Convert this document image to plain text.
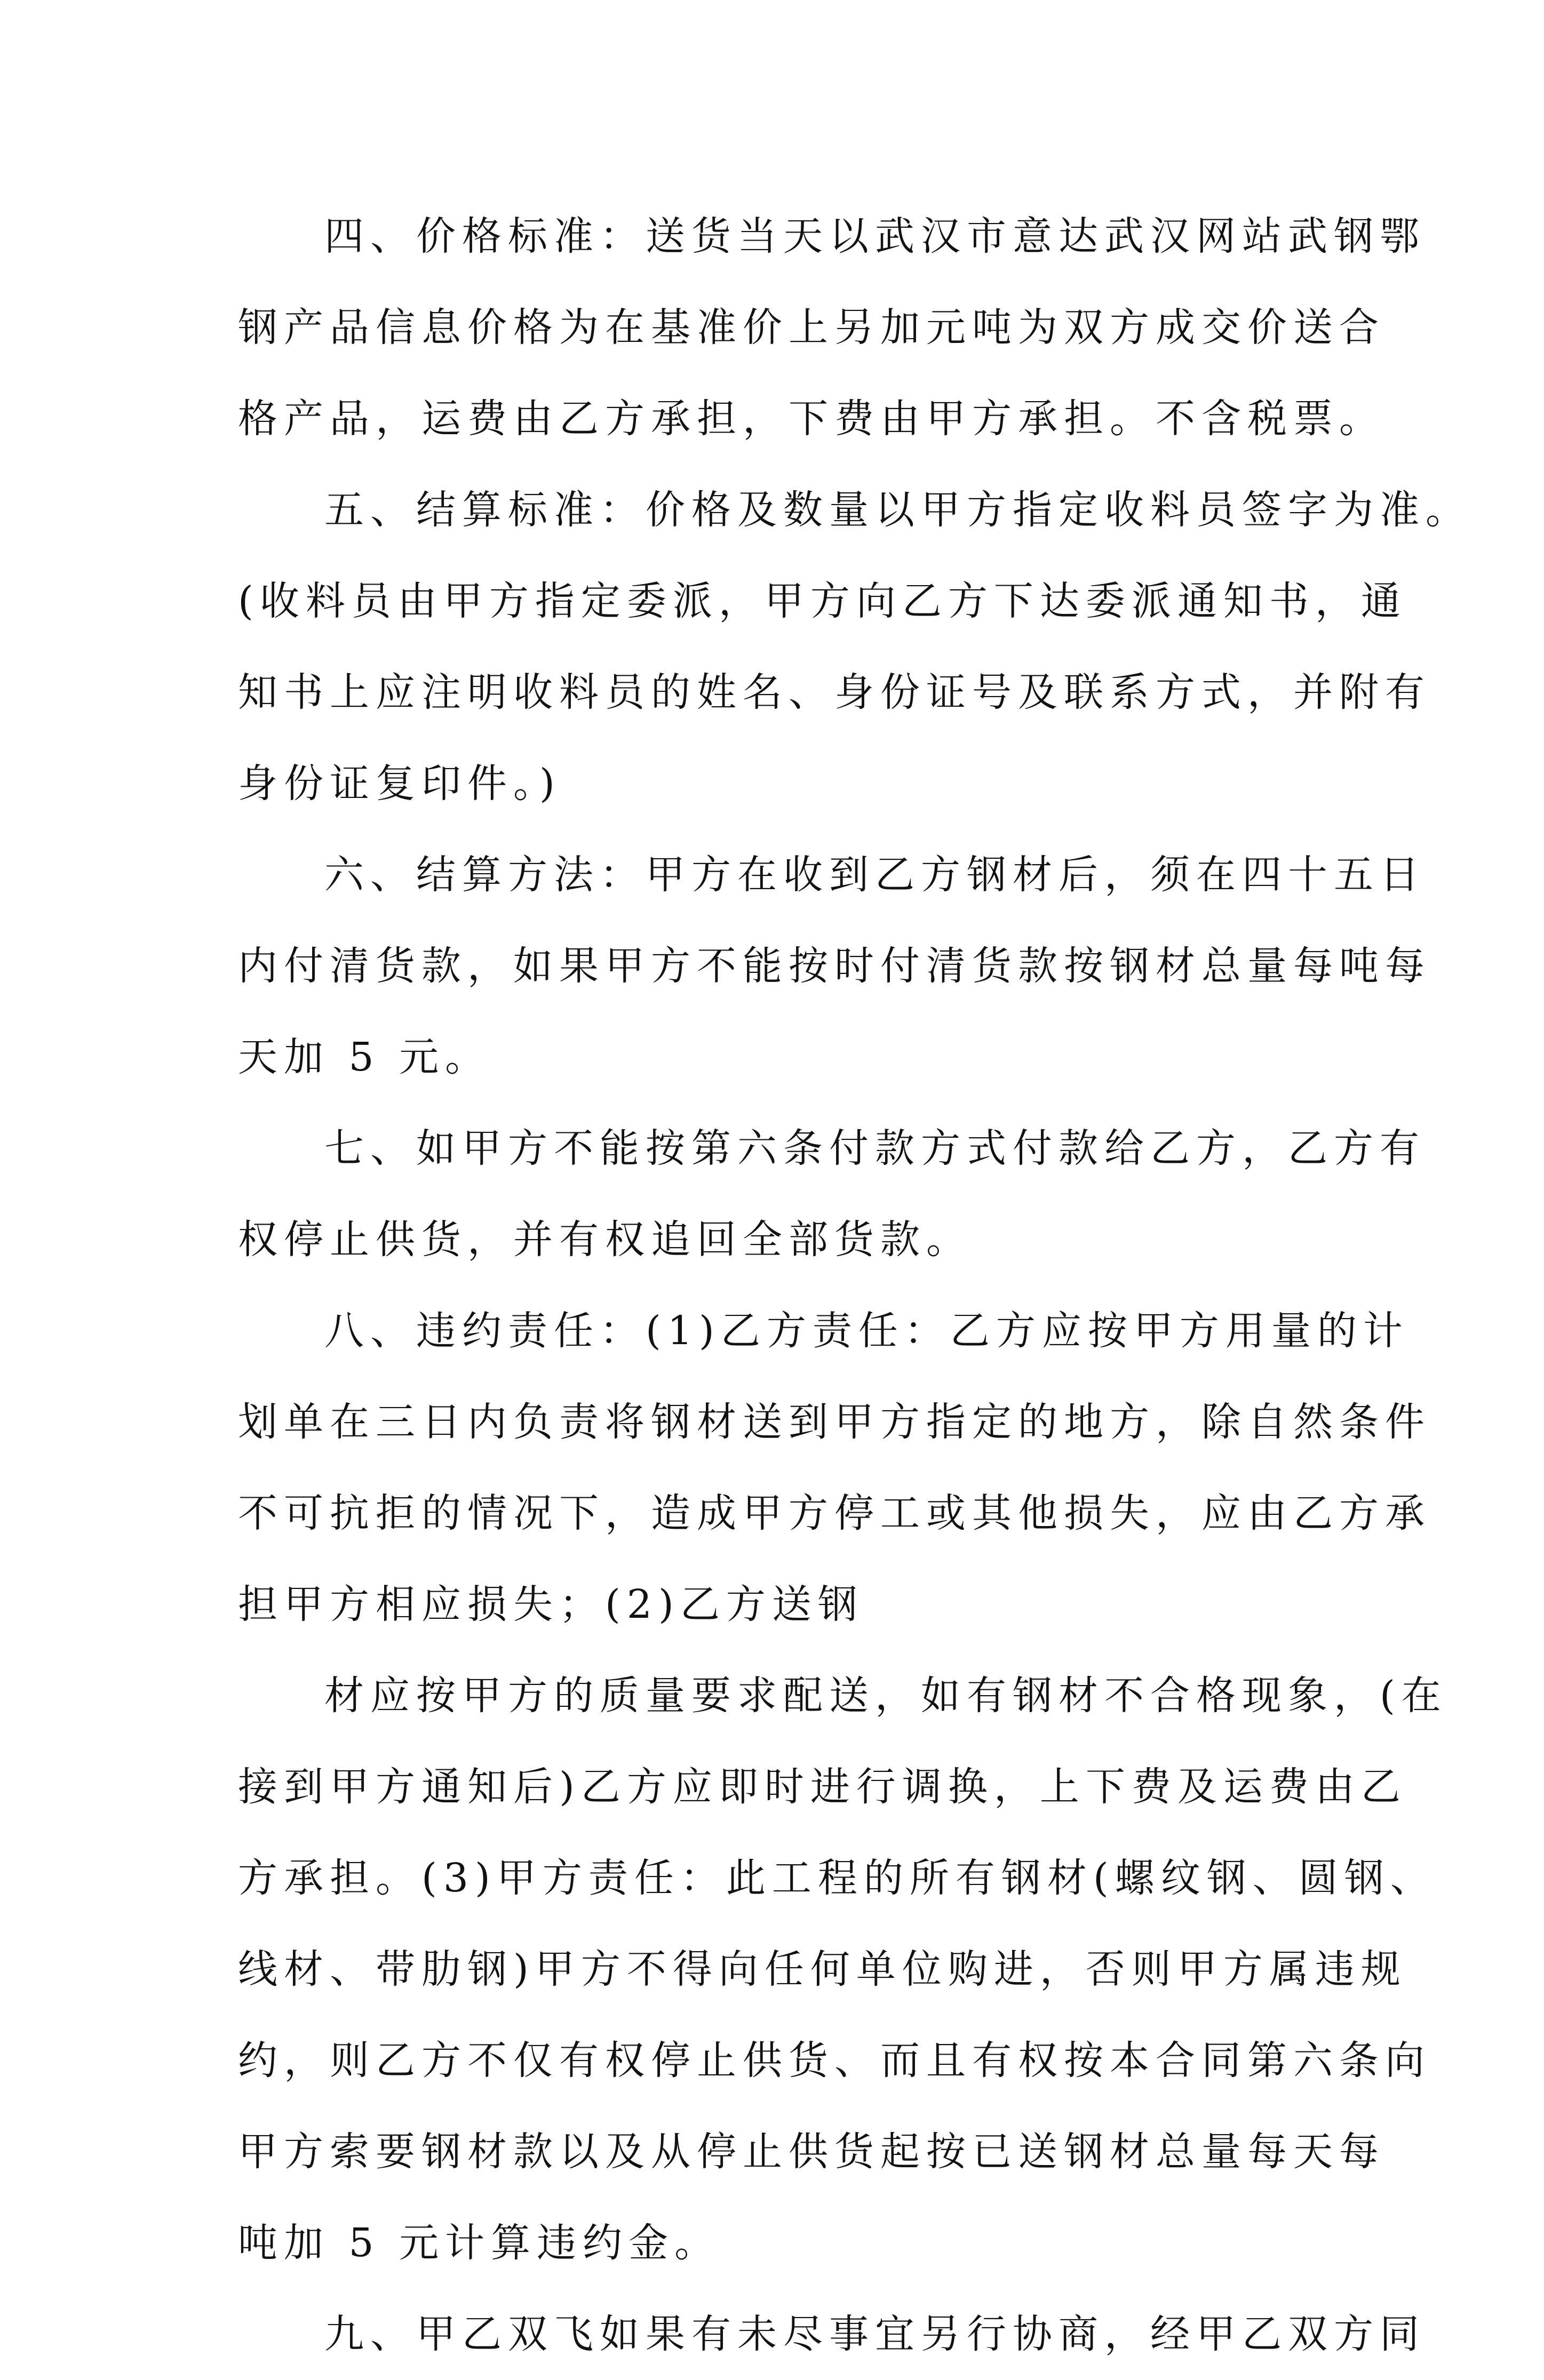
四、价格标准：送货当天以武汉市意达武汉网站武钢鄂
钢产品信息价格为在基准价上另加元吨为双方成交价送合
格产品，运费由乙方承担，下费由甲方承担。不含税票。
五、结算标准：价格及数量以甲方指定收料员签字为准。
(收料员由甲方指定委派，甲方向乙方下达委派通知书，通
知书上应注明收料员的姓名、身份证号及联系方式，并附有
身份证复印件。)
六、结算方法：甲方在收到乙方钢材后，须在四十五日
内付清货款，如果甲方不能按时付清货款按钢材总量每吨每
天加 5 元。
七、如甲方不能按第六条付款方式付款给乙方，乙方有
权停止供货，并有权追回全部货款。
八、违约责任：(1)乙方责任：乙方应按甲方用量的计
划单在三日内负责将钢材送到甲方指定的地方，除自然条件
不可抗拒的情况下，造成甲方停工或其他损失，应由乙方承
担甲方相应损失；(2)乙方送钢
材应按甲方的质量要求配送，如有钢材不合格现象，(在
接到甲方通知后)乙方应即时进行调换，上下费及运费由乙
方承担。(3)甲方责任：此工程的所有钢材(螺纹钢、圆钢、
线材、带肋钢)甲方不得向任何单位购进，否则甲方属违规
约，则乙方不仅有权停止供货、而且有权按本合同第六条向
甲方索要钢材款以及从停止供货起按已送钢材总量每天每
吨加 5 元计算违约金。
九、甲乙双飞如果有未尽事宜另行协商，经甲乙双方同
